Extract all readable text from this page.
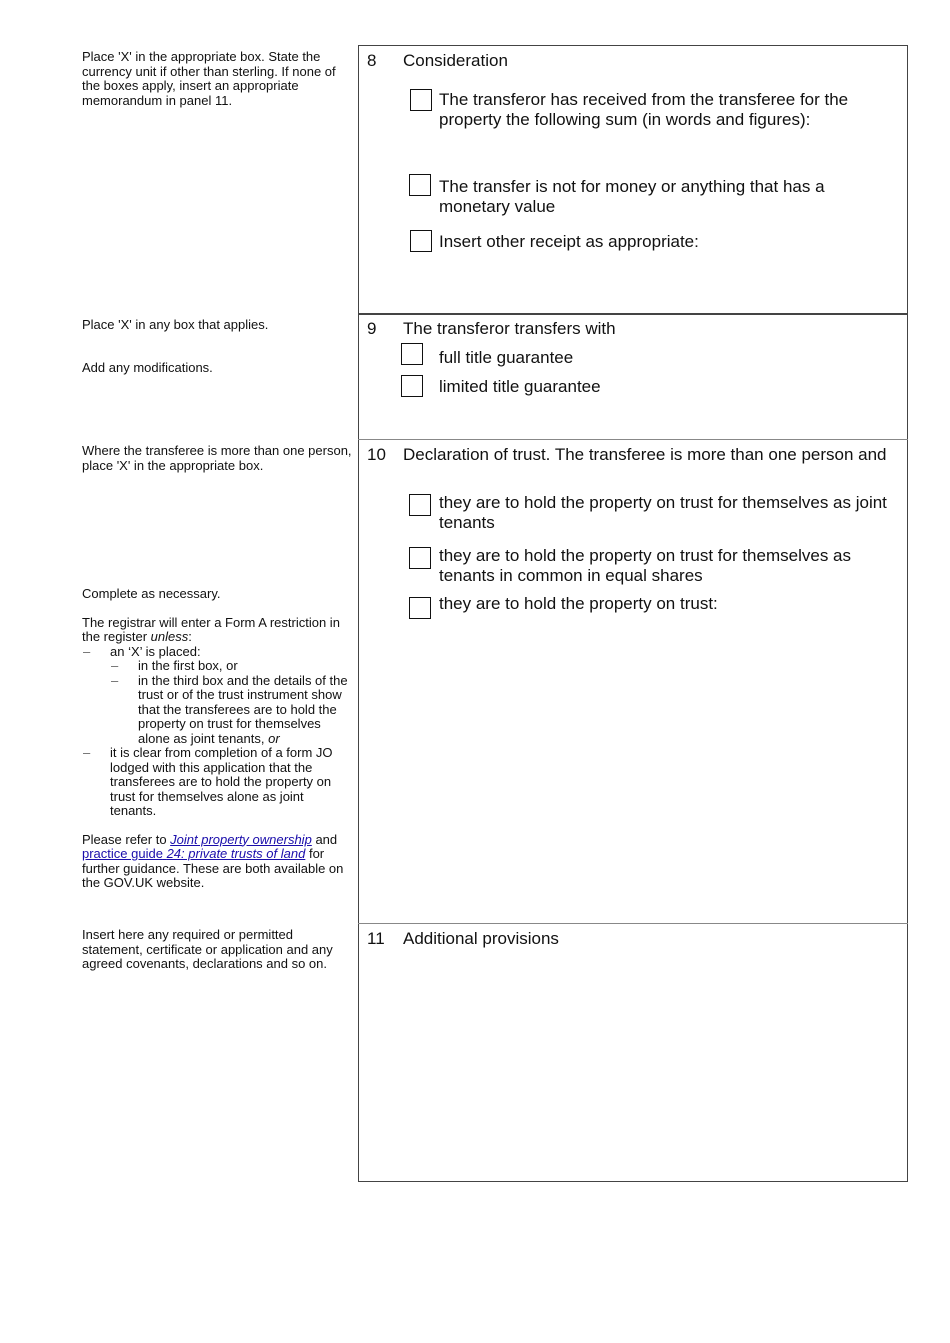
Place 'X' in the appropriate box. State the currency unit if other than sterling. If none of the boxes apply, insert an appropriate memorandum in panel 11.

Place 'X' in any box that applies.

Add any modifications.

Where the transferee is more than one person, place 'X' in the appropriate box.

Complete as necessary.

The registrar will enter a Form A restriction in the register unless:

– an ‘X’ is placed:
– in the first box, or
– in the third box and the details of the trust or of the trust instrument show that the transferees are to hold the property on trust for themselves alone as joint tenants, or
– it is clear from completion of a form JO lodged with this application that the transferees are to hold the property on trust for themselves alone as joint tenants.

Please refer to Joint property ownership and practice guide 24: private trusts of land for further guidance. These are both available on the GOV.UK website.

Insert here any required or permitted statement, certificate or application and any agreed covenants, declarations and so on.

8 Consideration
The transferor has received from the transferee for the property the following sum (in words and figures):
The transfer is not for money or anything that has a monetary value
Insert other receipt as appropriate:
9 The transferor transfers with
full title guarantee
limited title guarantee
10 Declaration of trust. The transferee is more than one person and
they are to hold the property on trust for themselves as joint tenants
they are to hold the property on trust for themselves as tenants in common in equal shares
they are to hold the property on trust:
11 Additional provisions
